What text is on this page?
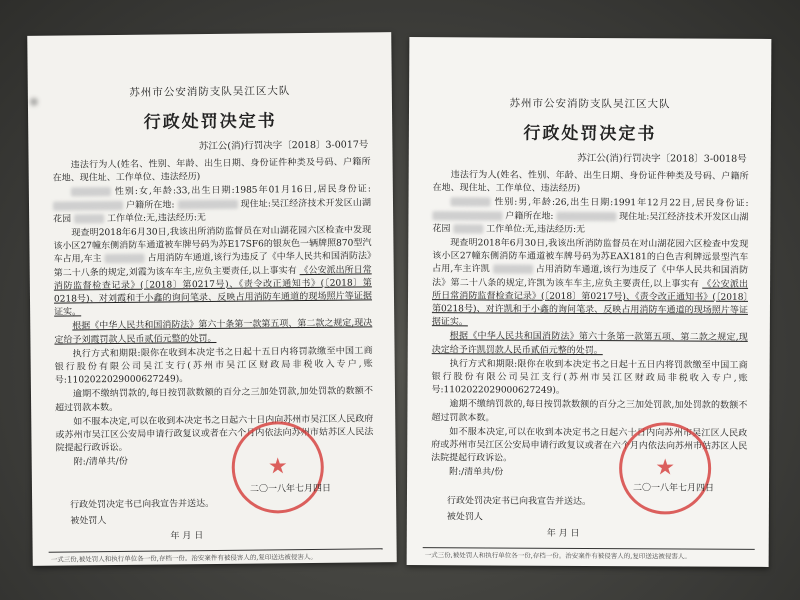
苏州市公安消防支队吴江区大队
行政处罚决定书
苏江公(消)行罚决字〔2018〕3-0017号

违法行为人(姓名、性别、年龄、出生日期、身份证件种类及号码、户籍所在地、现住址、工作单位、违法经历)

性别:女,年龄:33,出生日期:1985年01月16日,居民身份证:  户籍所在地:	现住址:吴江经济技术开发区山湖花园	工作单位:无,违法经历:无

现查明2018年6月30日,我该出所消防监督员在对山湖花园六区检查中发现该小区27幢东侧消防车通道被车牌号码为苏E17SF6的银灰色一辆牌照870型汽车占用,车主	占用消防车通道,该行为违反了《中华人民共和国消防法》第二十八条的规定,刘霞为该车车主,应负主要责任,以上事实有 《公安派出所日常消防监督检查记录》(〔2018〕第0217号)、《责令改正通知书》(〔2018〕第0218号)、对刘霞和于小鑫的询问笔录、反映占用消防车通道的现场照片等证据证实。

根据《中华人民共和国消防法》第六十条第一款第五项、第二款之规定,现决定给予刘霞罚款人民币贰佰元整的处罚。

执行方式和期限:限你在收到本决定书之日起十五日内将罚款缴至中国工商银行股份有限公司吴江支行(苏州市吴江区财政局非税收入专户,账号:1102022029000627249)。

逾期不缴纳罚款的,每日按罚款数额的百分之三加处罚款,加处罚款的数额不超过罚款本数。

如不服本决定,可以在收到本决定书之日起六十日内向苏州市吴江区人民政府或苏州市吴江区公安局申请行政复议或者在六个月内依法向苏州市姑苏区人民法院提起行政诉讼。

附:/清单共/份	★
二〇一八年七月四日
行政处罚决定书已向我宣告并送达。
被处罚人
年 月 日
一式三份,被处罚人和执行单位各一份,存档一份。治安案件有被侵害人的,复印送达被侵害人。
苏州市公安消防支队吴江区大队
行政处罚决定书
苏江公(消)行罚决字〔2018〕3-0018号

违法行为人(姓名、性别、年龄、出生日期、身份证件种类及号码、户籍所在地、现住址、工作单位、违法经历)

性别:男,年龄:26,出生日期:1991年12月22日,居民身份证:  户籍所在地:	现住址:吴江经济技术开发区山湖花园	工作单位:无,违法经历:无

现查明2018年6月30日,我该出所消防监督员在对山湖花园六区检查中发现该小区27幢东侧消防车通道被车牌号码为苏EAX181的白色吉利牌远景型汽车占用,车主许凯	占用消防车通道,该行为违反了《中华人民共和国消防法》第二十八条的规定,许凯为该车车主,应负主要责任,以上事实有 《公安派出所日常消防监督检查记录》(〔2018〕第0217号)、《责令改正通知书》(〔2018〕第0218号)、对许凯和于小鑫的询问笔录、反映占用消防车通道的现场照片等证据证实。

根据《中华人民共和国消防法》第六十条第一款第五项、第二款之规定,现决定给予许凯罚款人民币贰佰元整的处罚。

执行方式和期限:限你在收到本决定书之日起十五日内将罚款缴至中国工商银行股份有限公司吴江支行(苏州市吴江区财政局非税收入专户,账号:1102022029000627249)。

逾期不缴纳罚款的,每日按罚款数额的百分之三加处罚款,加处罚款的数额不超过罚款本数。

如不服本决定,可以在收到本决定书之日起六十日内向苏州市吴江区人民政府或苏州市吴江区公安局申请行政复议或者在六个月内依法向苏州市姑苏区人民法院提起行政诉讼。

附:/清单共/份	★
二〇一八年七月四日
行政处罚决定书已向我宣告并送达。
被处罚人
年 月 日
一式三份,被处罚人和执行单位各一份,存档一份。治安案件有被侵害人的,复印送达被侵害人。
